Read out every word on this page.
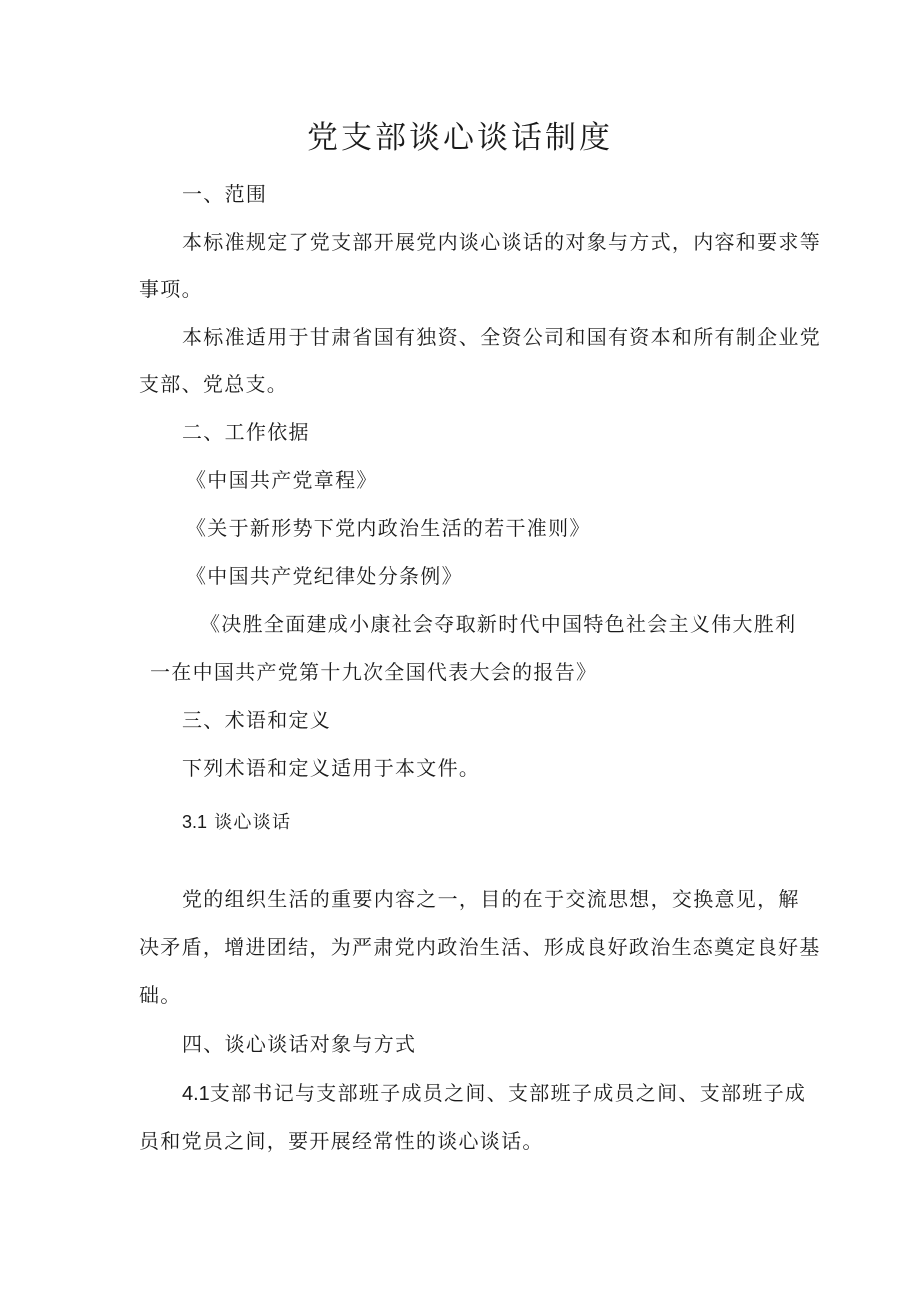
党支部谈心谈话制度
一、范围
本标准规定了党支部开展党内谈心谈话的对象与方式，内容和要求等
事项。
本标准适用于甘肃省国有独资、全资公司和国有资本和所有制企业党
支部、党总支。
二、工作依据
《中国共产党章程》
《关于新形势下党内政治生活的若干准则》
《中国共产党纪律处分条例》
《决胜全面建成小康社会夺取新时代中国特色社会主义伟大胜利
一在中国共产党第十九次全国代表大会的报告》
三、术语和定义
下列术语和定义适用于本文件。
3.1 谈心谈话
党的组织生活的重要内容之一，目的在于交流思想，交换意见，解
决矛盾，增进团结，为严肃党内政治生活、形成良好政治生态奠定良好基
础。
四、谈心谈话对象与方式
4.1支部书记与支部班子成员之间、支部班子成员之间、支部班子成
员和党员之间，要开展经常性的谈心谈话。
